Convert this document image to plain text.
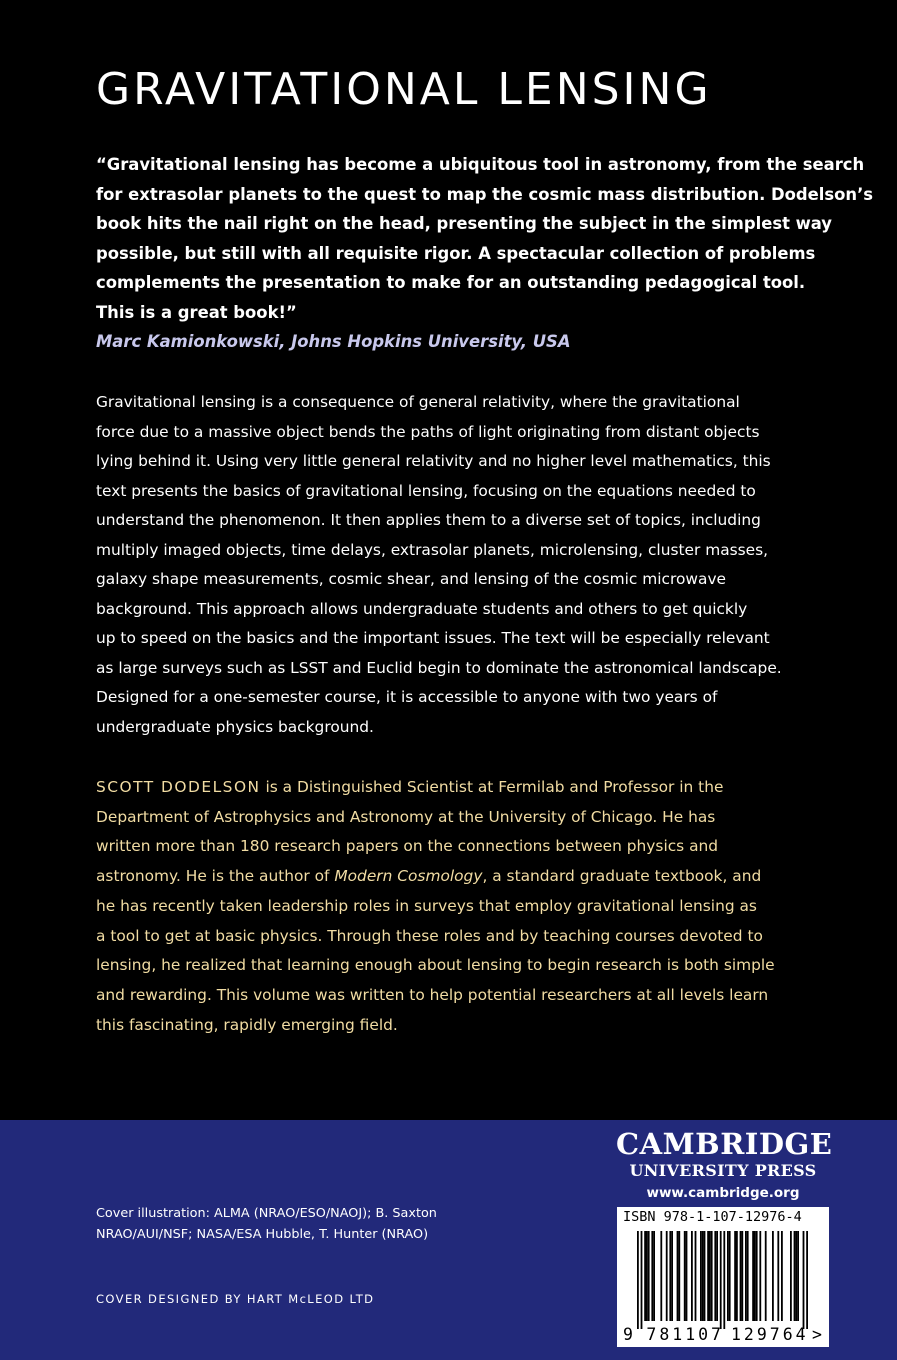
GRAVITATIONAL LENSING
“Gravitational lensing has become a ubiquitous tool in astronomy, from the search
for extrasolar planets to the quest to map the cosmic mass distribution. Dodelson’s
book hits the nail right on the head, presenting the subject in the simplest way
possible, but still with all requisite rigor. A spectacular collection of problems
complements the presentation to make for an outstanding pedagogical tool.
This is a great book!”
Marc Kamionkowski, Johns Hopkins University, USA
Gravitational lensing is a consequence of general relativity, where the gravitational
force due to a massive object bends the paths of light originating from distant objects
lying behind it. Using very little general relativity and no higher level mathematics, this
text presents the basics of gravitational lensing, focusing on the equations needed to
understand the phenomenon. It then applies them to a diverse set of topics, including
multiply imaged objects, time delays, extrasolar planets, microlensing, cluster masses,
galaxy shape measurements, cosmic shear, and lensing of the cosmic microwave
background. This approach allows undergraduate students and others to get quickly
up to speed on the basics and the important issues. The text will be especially relevant
as large surveys such as LSST and Euclid begin to dominate the astronomical landscape.
Designed for a one-semester course, it is accessible to anyone with two years of
undergraduate physics background.
SCOTT DODELSON is a Distinguished Scientist at Fermilab and Professor in the
Department of Astrophysics and Astronomy at the University of Chicago. He has
written more than 180 research papers on the connections between physics and
astronomy. He is the author of Modern Cosmology, a standard graduate textbook, and
he has recently taken leadership roles in surveys that employ gravitational lensing as
a tool to get at basic physics. Through these roles and by teaching courses devoted to
lensing, he realized that learning enough about lensing to begin research is both simple
and rewarding. This volume was written to help potential researchers at all levels learn
this fascinating, rapidly emerging field.
CAMBRIDGE
UNIVERSITY PRESS
www.cambridge.org
Cover illustration: ALMA (NRAO/ESO/NAOJ); B. Saxton
NRAO/AUI/NSF; NASA/ESA Hubble, T. Hunter (NRAO)
COVER DESIGNED BY HART McLEOD LTD
ISBN 978-1-107-12976-4
9 781107 129764 >
